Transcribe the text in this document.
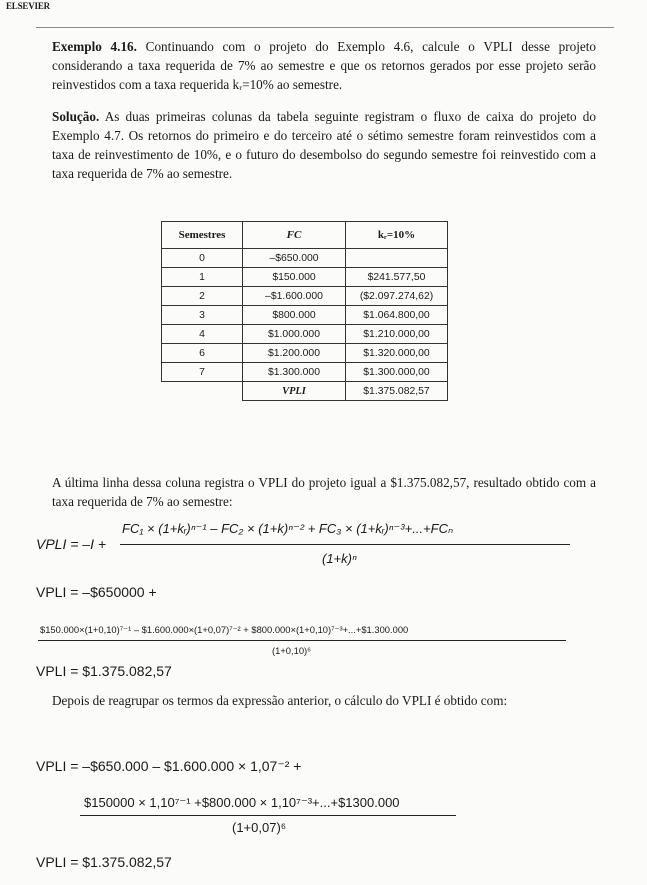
ELSEVIER
Exemplo 4.16. Continuando com o projeto do Exemplo 4.6, calcule o VPLI desse projeto considerando a taxa requerida de 7% ao semestre e que os retornos gerados por esse projeto serão reinvestidos com a taxa requerida kᵣ=10% ao semestre.
Solução. As duas primeiras colunas da tabela seguinte registram o fluxo de caixa do projeto do Exemplo 4.7. Os retornos do primeiro e do terceiro até o sétimo semestre foram reinvestidos com a taxa de reinvestimento de 10%, e o futuro do desembolso do segundo semestre foi reinvestido com a taxa requerida de 7% ao semestre.
Semestres	FC	kᵣ=10%
0	–$650.000	
1	$150.000	$241.577,50
2	–$1.600.000	($2.097.274,62)
3	$800.000	$1.064.800,00
4	$1.000.000	$1.210.000,00
6	$1.200.000	$1.320.000,00
7	$1.300.000	$1.300.000,00
	VPLI	$1.375.082,57
A última linha dessa coluna registra o VPLI do projeto igual a $1.375.082,57, resultado obtido com a taxa requerida de 7% ao semestre:
VPLI = –I +
FC₁ × (1+kᵣ)ⁿ⁻¹ – FC₂ × (1+k)ⁿ⁻² + FC₃ × (1+kᵣ)ⁿ⁻³+...+FCₙ
(1+k)ⁿ
VPLI = –$650000 +
$150.000×(1+0,10)⁷⁻¹ – $1.600.000×(1+0,07)⁷⁻² + $800.000×(1+0,10)⁷⁻³+...+$1.300.000
(1+0,10)⁶
VPLI = $1.375.082,57
Depois de reagrupar os termos da expressão anterior, o cálculo do VPLI é obtido com:
VPLI = –$650.000 – $1.600.000 × 1,07⁻² +
$150000 × 1,10⁷⁻¹ +$800.000 × 1,10⁷⁻³+...+$1300.000
(1+0,07)⁶
VPLI = $1.375.082,57
